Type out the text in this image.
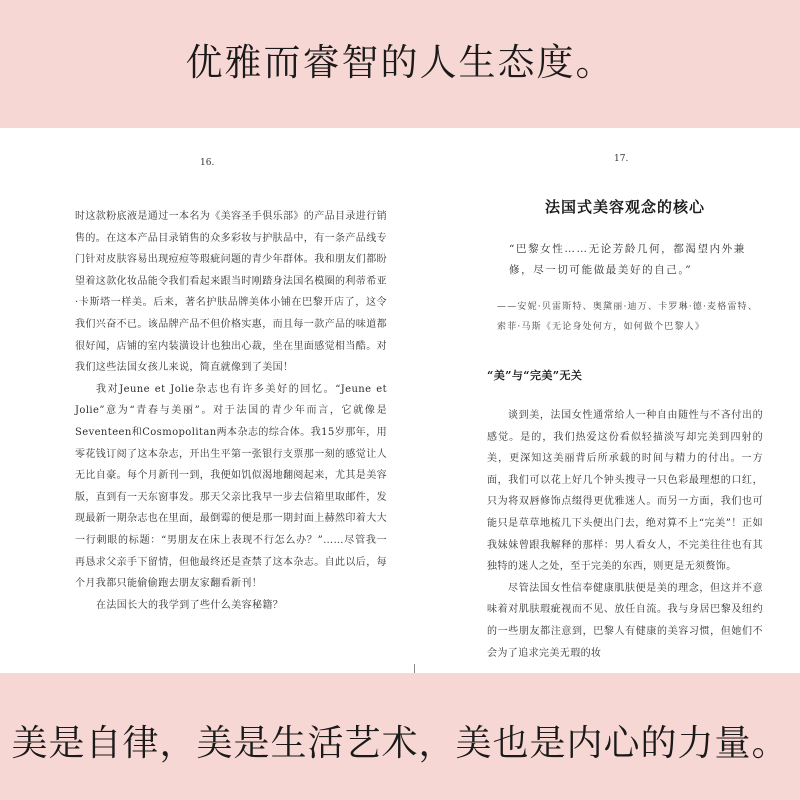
优雅而睿智的人生态度。
16.	17.

时这款粉底液是通过一本名为《美容圣手俱乐部》的产品目录进行销售的。在这本产品目录销售的众多彩妆与护肤品中，有一条产品线专门针对皮肤容易出现痘痘等瑕疵问题的青少年群体。我和朋友们都盼望着这款化妆品能令我们看起来跟当时刚踏身法国名模圈的利蒂希亚·卡斯塔一样美。后来，著名护肤品牌美体小铺在巴黎开店了，这令我们兴奋不已。该品牌产品不但价格实惠，而且每一款产品的味道都很好闻，店铺的室内装潢设计也独出心裁，坐在里面感觉相当酷。对我们这些法国女孩儿来说，简直就像到了美国！

我对Jeune et Jolie杂志也有许多美好的回忆。“Jeune et Jolie”意为“青春与美丽”。对于法国的青少年而言，它就像是Seventeen和Cosmopolitan两本杂志的综合体。我15岁那年，用零花钱订阅了这本杂志，开出生平第一张银行支票那一刻的感觉让人无比自豪。每个月新刊一到，我便如饥似渴地翻阅起来，尤其是美容版，直到有一天东窗事发。那天父亲比我早一步去信箱里取邮件，发现最新一期杂志也在里面，最倒霉的便是那一期封面上赫然印着大大一行刺眼的标题：“男朋友在床上表现不行怎么办？”……尽管我一再恳求父亲手下留情，但他最终还是查禁了这本杂志。自此以后，每个月我都只能偷偷跑去朋友家翻看新刊！

在法国长大的我学到了些什么美容秘籍？

法国式美容观念的核心
“巴黎女性……无论芳龄几何，都渴望内外兼修，尽一切可能做最美好的自己。”
——安妮·贝雷斯特、奥黛丽·迪万、卡罗琳·德·麦格雷特、索菲·马斯《无论身处何方，如何做个巴黎人》
“美”与“完美”无关

谈到美，法国女性通常给人一种自由随性与不吝付出的感觉。是的，我们热爱这份看似轻描淡写却完美到四射的美，更深知这美丽背后所承载的时间与精力的付出。一方面，我们可以花上好几个钟头搜寻一只色彩最理想的口红，只为将双唇修饰点缀得更优雅迷人。而另一方面，我们也可能只是草草地梳几下头便出门去，绝对算不上“完美”！正如我妹妹曾跟我解释的那样：男人看女人，不完美往往也有其独特的迷人之处，至于完美的东西，则更是无须赘饰。

尽管法国女性信奉健康肌肤便是美的理念，但这并不意味着对肌肤瑕疵视而不见、放任自流。我与身居巴黎及纽约的一些朋友都注意到，巴黎人有健康的美容习惯，但她们不会为了追求完美无瑕的妆

美是自律，美是生活艺术，美也是内心的力量。
